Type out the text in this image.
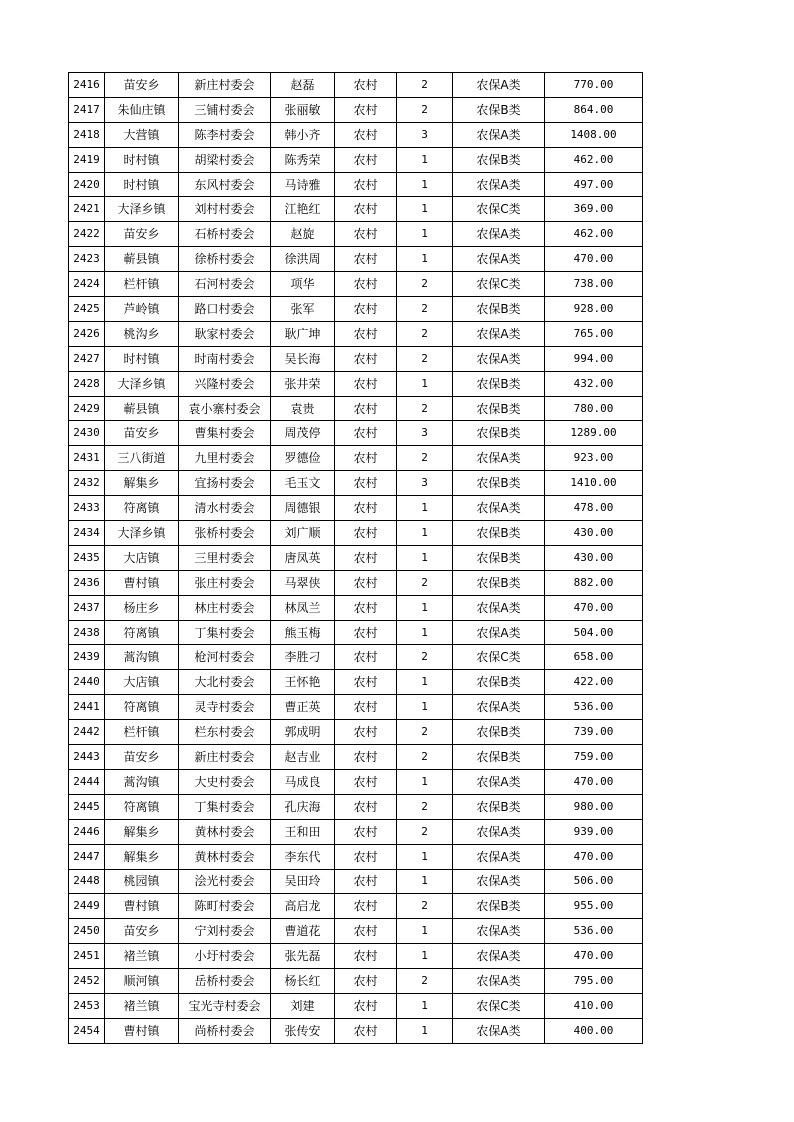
2416	苗安乡	新庄村委会	赵磊	农村	2	农保A类	770.00
2417	朱仙庄镇	三铺村委会	张丽敏	农村	2	农保B类	864.00
2418	大营镇	陈李村委会	韩小齐	农村	3	农保A类	1408.00
2419	时村镇	胡梁村委会	陈秀荣	农村	1	农保B类	462.00
2420	时村镇	东风村委会	马诗雅	农村	1	农保A类	497.00
2421	大泽乡镇	刘村村委会	江艳红	农村	1	农保C类	369.00
2422	苗安乡	石桥村委会	赵旋	农村	1	农保A类	462.00
2423	蕲县镇	徐桥村委会	徐洪周	农村	1	农保A类	470.00
2424	栏杆镇	石河村委会	项华	农村	2	农保C类	738.00
2425	芦岭镇	路口村委会	张军	农村	2	农保B类	928.00
2426	桃沟乡	耿家村委会	耿广坤	农村	2	农保A类	765.00
2427	时村镇	时南村委会	吴长海	农村	2	农保A类	994.00
2428	大泽乡镇	兴隆村委会	张井荣	农村	1	农保B类	432.00
2429	蕲县镇	袁小寨村委会	袁贵	农村	2	农保B类	780.00
2430	苗安乡	曹集村委会	周茂停	农村	3	农保B类	1289.00
2431	三八街道	九里村委会	罗德俭	农村	2	农保A类	923.00
2432	解集乡	宜扬村委会	毛玉文	农村	3	农保B类	1410.00
2433	符离镇	清水村委会	周德银	农村	1	农保A类	478.00
2434	大泽乡镇	张桥村委会	刘广顺	农村	1	农保B类	430.00
2435	大店镇	三里村委会	唐凤英	农村	1	农保B类	430.00
2436	曹村镇	张庄村委会	马翠侠	农村	2	农保B类	882.00
2437	杨庄乡	林庄村委会	林凤兰	农村	1	农保A类	470.00
2438	符离镇	丁集村委会	熊玉梅	农村	1	农保A类	504.00
2439	蒿沟镇	枪河村委会	李胜刁	农村	2	农保C类	658.00
2440	大店镇	大北村委会	王怀艳	农村	1	农保B类	422.00
2441	符离镇	灵寺村委会	曹正英	农村	1	农保A类	536.00
2442	栏杆镇	栏东村委会	郭成明	农村	2	农保B类	739.00
2443	苗安乡	新庄村委会	赵吉业	农村	2	农保B类	759.00
2444	蒿沟镇	大史村委会	马成良	农村	1	农保A类	470.00
2445	符离镇	丁集村委会	孔庆海	农村	2	农保B类	980.00
2446	解集乡	黄林村委会	王和田	农村	2	农保A类	939.00
2447	解集乡	黄林村委会	李东代	农村	1	农保A类	470.00
2448	桃园镇	浍光村委会	吴田玲	农村	1	农保A类	506.00
2449	曹村镇	陈町村委会	高启龙	农村	2	农保B类	955.00
2450	苗安乡	宁刘村委会	曹道花	农村	1	农保A类	536.00
2451	褚兰镇	小圩村委会	张先磊	农村	1	农保A类	470.00
2452	顺河镇	岳桥村委会	杨长红	农村	2	农保A类	795.00
2453	褚兰镇	宝光寺村委会	刘建	农村	1	农保C类	410.00
2454	曹村镇	尚桥村委会	张传安	农村	1	农保A类	400.00
